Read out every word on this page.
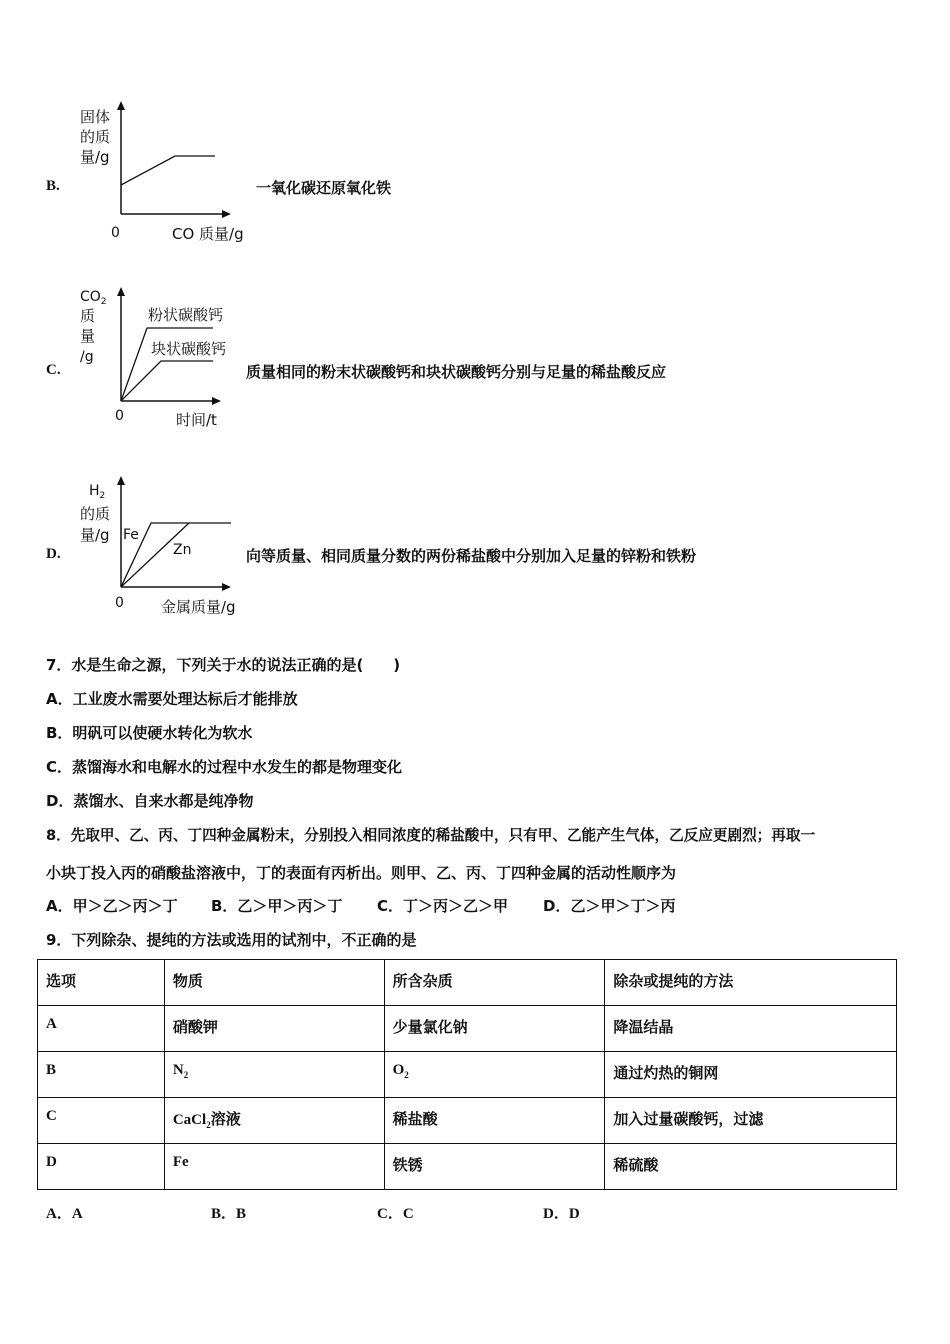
B.
固体
的质
量/g
0	CO 质量/g
一氧化碳还原氧化铁
C.
$CO_2$
质
量
/g
粉状碳酸钙
块状碳酸钙
0	时间/t
质量相同的粉末状碳酸钙和块状碳酸钙分别与足量的稀盐酸反应
D.
$H_2$
的质
量/g Fe
Zn
0 金属质量/g
向等质量、相同质量分数的两份稀盐酸中分别加入足量的锌粉和铁粉
7．水是生命之源，下列关于水的说法正确的是(　　)
A．工业废水需要处理达标后才能排放
B．明矾可以使硬水转化为软水
C．蒸馏海水和电解水的过程中水发生的都是物理变化
D．蒸馏水、自来水都是纯净物
8．先取甲、乙、丙、丁四种金属粉末，分别投入相同浓度的稀盐酸中，只有甲、乙能产生气体，乙反应更剧烈；再取一
小块丁投入丙的硝酸盐溶液中，丁的表面有丙析出。则甲、乙、丙、丁四种金属的活动性顺序为
A．甲＞乙＞丙＞丁 B．乙＞甲＞丙＞丁 C．丁＞丙＞乙＞甲 D．乙＞甲＞丁＞丙
9．下列除杂、提纯的方法或选用的试剂中，不正确的是
选项	物质	所含杂质	除杂或提纯的方法
A	硝酸钾	少量氯化钠	降温结晶
B	$N_2$	$O_2$	通过灼热的铜网
C	CaCl$_2$溶液	稀盐酸	加入过量碳酸钙，过滤
D	Fe	铁锈	稀硫酸
A．A	B．B	C．C	D．D
